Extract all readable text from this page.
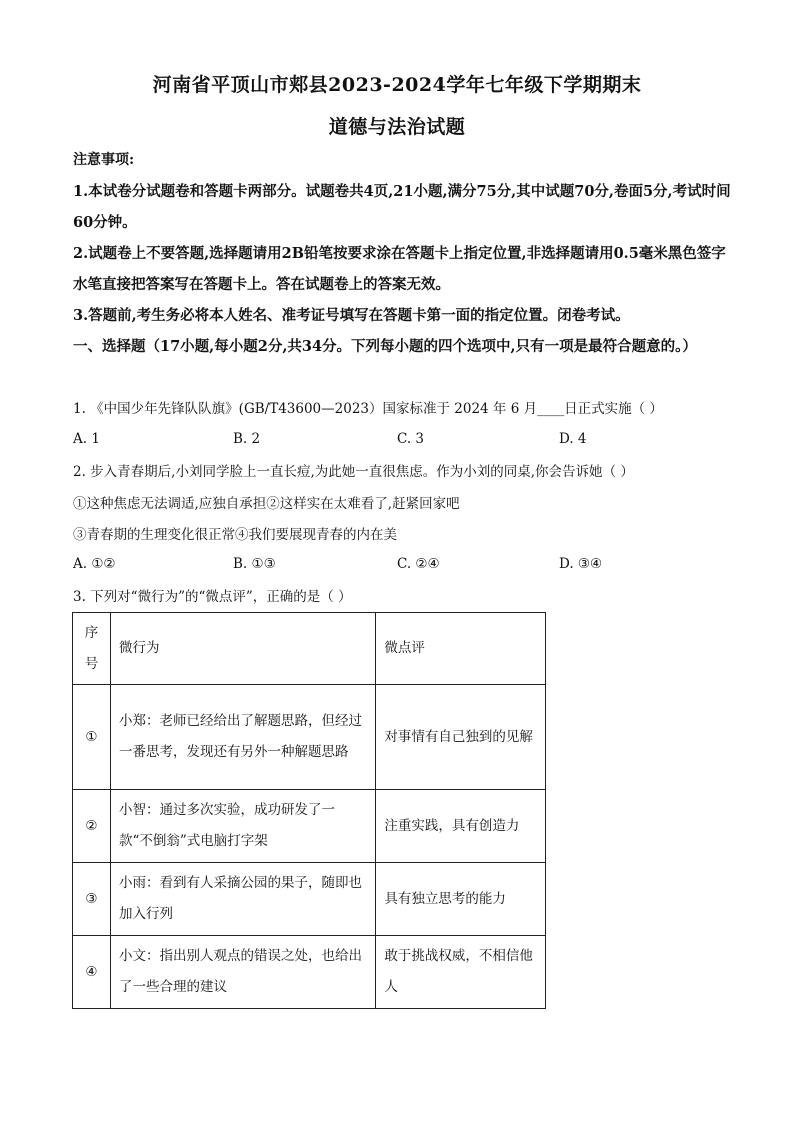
河南省平顶山市郏县2023-2024学年七年级下学期期末
道德与法治试题
注意事项:
1.本试卷分试题卷和答题卡两部分。试题卷共4页,21小题,满分75分,其中试题70分,卷面5分,考试时间60分钟。
2.试题卷上不要答题,选择题请用2B铅笔按要求涂在答题卡上指定位置,非选择题请用0.5毫米黑色签字水笔直接把答案写在答题卡上。答在试题卷上的答案无效。
3.答题前,考生务必将本人姓名、准考证号填写在答题卡第一面的指定位置。闭卷考试。
一、选择题（17小题,每小题2分,共34分。下列每小题的四个选项中,只有一项是最符合题意的。）
1. 《中国少年先锋队队旗》(GB/T43600—2023）国家标准于 2024 年 6 月____日正式实施（ ）
A. 1	B. 2	C. 3	D. 4
2. 步入青春期后,小刘同学脸上一直长痘,为此她一直很焦虑。作为小刘的同桌,你会告诉她（ ）
①这种焦虑无法调适,应独自承担②这样实在太难看了,赶紧回家吧
③青春期的生理变化很正常④我们要展现青春的内在美
A. ①②	B. ①③	C. ②④	D. ③④
3. 下列对“微行为”的“微点评”，正确的是（ ）
序号	微行为	微点评
①	小郑：老师已经给出了解题思路，但经过一番思考，发现还有另外一种解题思路	对事情有自己独到的见解
②	小智：通过多次实验，成功研发了一款“不倒翁”式电脑打字架	注重实践，具有创造力
③	小雨：看到有人采摘公园的果子，随即也加入行列	具有独立思考的能力
④	小文：指出别人观点的错误之处，也给出了一些合理的建议	敢于挑战权威，不相信他人
